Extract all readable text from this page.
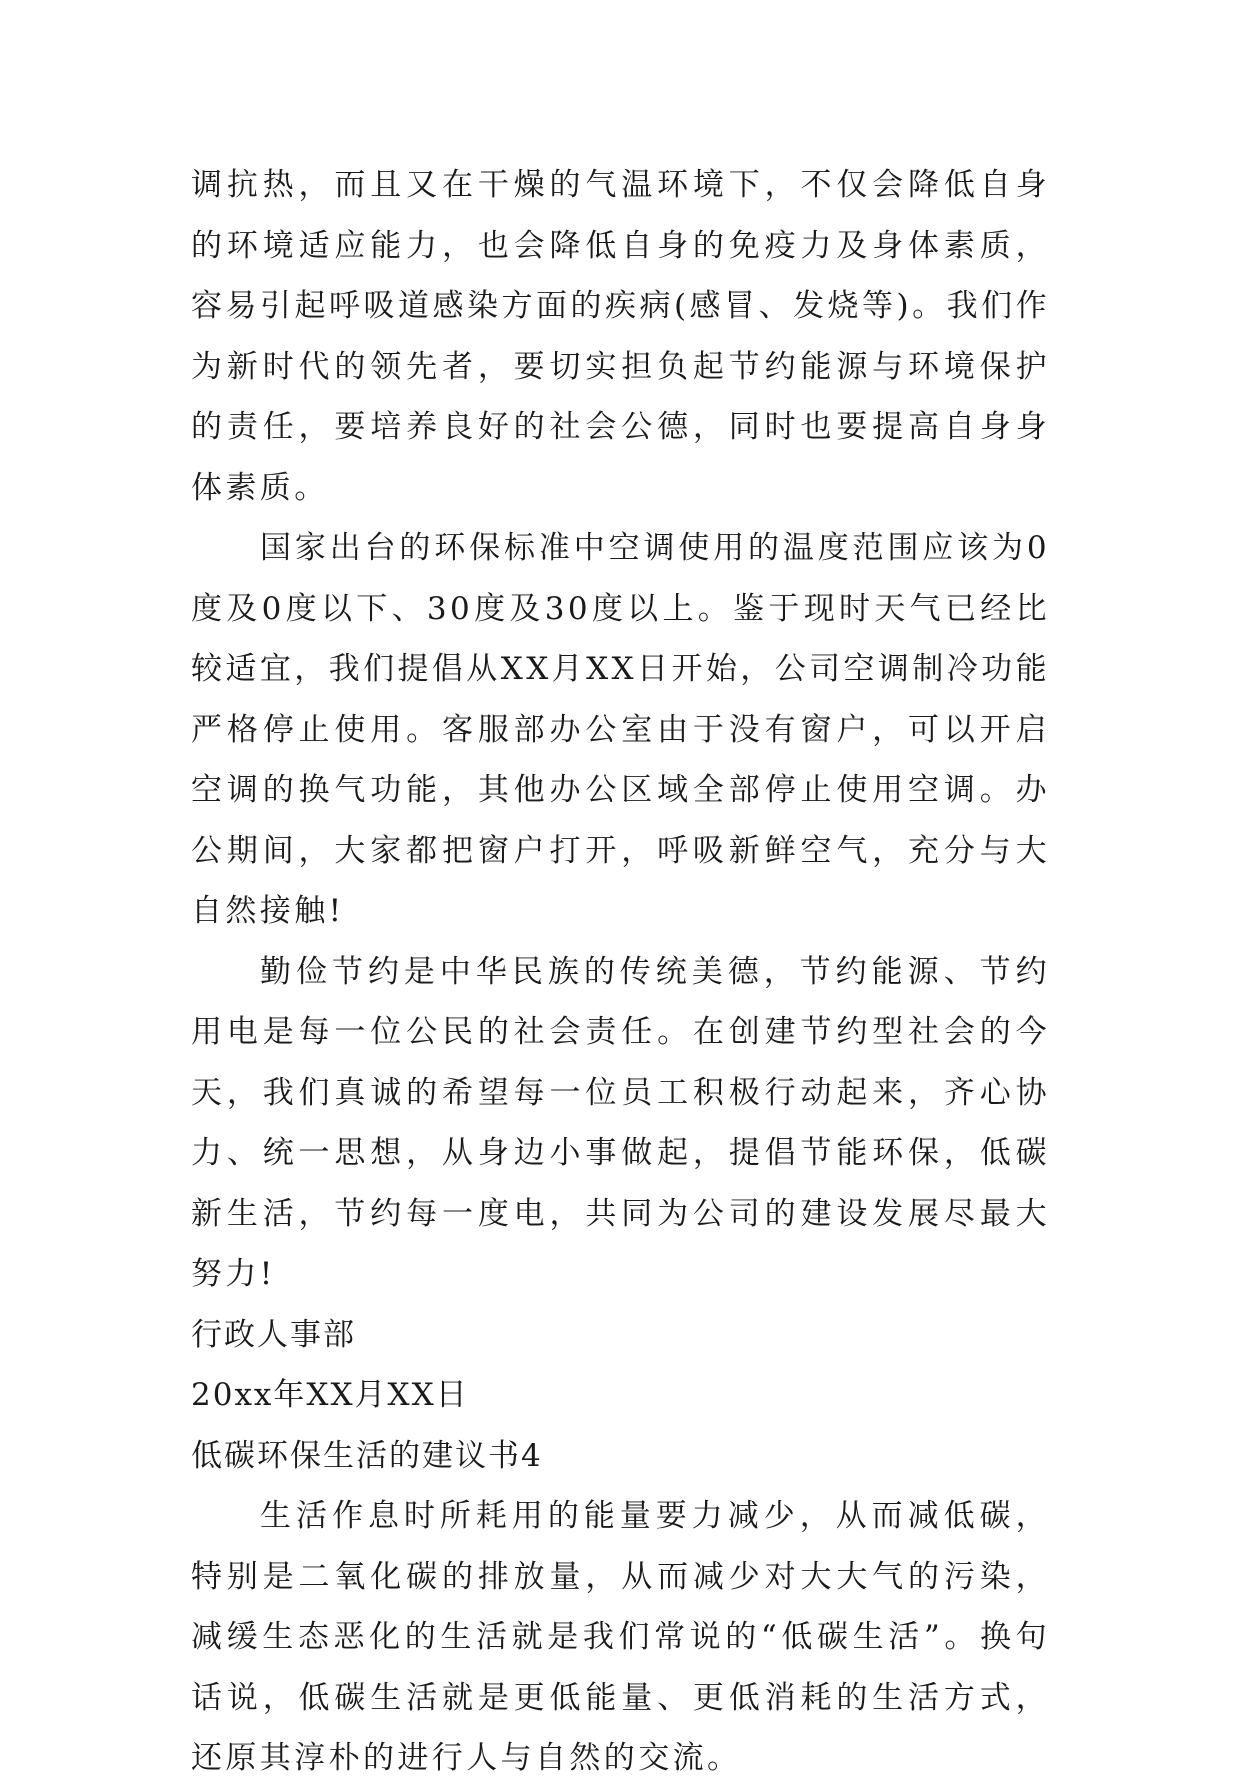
调抗热，而且又在干燥的气温环境下，不仅会降低自身的环境适应能力，也会降低自身的免疫力及身体素质，容易引起呼吸道感染方面的疾病(感冒、发烧等)。我们作为新时代的领先者，要切实担负起节约能源与环境保护的责任，要培养良好的社会公德，同时也要提高自身身体素质。

国家出台的环保标准中空调使用的温度范围应该为0度及0度以下、30度及30度以上。鉴于现时天气已经比较适宜，我们提倡从XX月XX日开始，公司空调制冷功能严格停止使用。客服部办公室由于没有窗户，可以开启空调的换气功能，其他办公区域全部停止使用空调。办公期间，大家都把窗户打开，呼吸新鲜空气，充分与大自然接触!

勤俭节约是中华民族的传统美德，节约能源、节约用电是每一位公民的社会责任。在创建节约型社会的今天，我们真诚的希望每一位员工积极行动起来，齐心协力、统一思想，从身边小事做起，提倡节能环保，低碳新生活，节约每一度电，共同为公司的建设发展尽最大努力!

行政人事部

20xx年XX月XX日

低碳环保生活的建议书4

生活作息时所耗用的能量要力减少，从而减低碳，特别是二氧化碳的排放量，从而减少对大大气的污染，减缓生态恶化的生活就是我们常说的“低碳生活”。换句话说，低碳生活就是更低能量、更低消耗的生活方式，还原其淳朴的进行人与自然的交流。
